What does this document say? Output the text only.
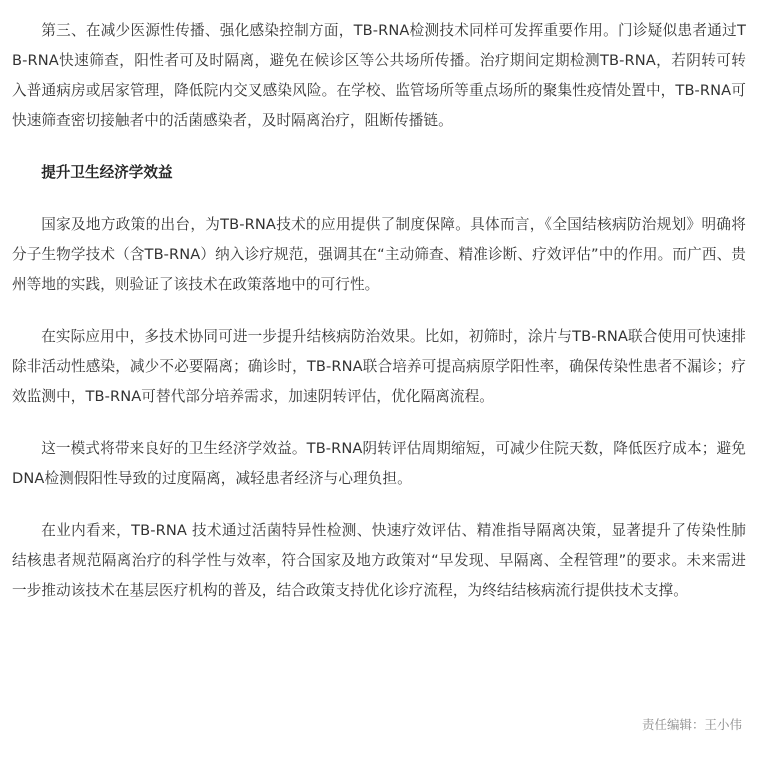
第三、在减少医源性传播、强化感染控制方面，TB-RNA检测技术同样可发挥重要作用。门诊疑似患者通过TB-RNA快速筛查，阳性者可及时隔离，避免在候诊区等公共场所传播。治疗期间定期检测TB-RNA，若阴转可转入普通病房或居家管理，降低院内交叉感染风险。在学校、监管场所等重点场所的聚集性疫情处置中，TB-RNA可快速筛查密切接触者中的活菌感染者，及时隔离治疗，阻断传播链。

提升卫生经济学效益

国家及地方政策的出台，为TB-RNA技术的应用提供了制度保障。具体而言，《全国结核病防治规划》明确将分子生物学技术（含TB-RNA）纳入诊疗规范，强调其在“主动筛查、精准诊断、疗效评估”中的作用。而广西、贵州等地的实践，则验证了该技术在政策落地中的可行性。

在实际应用中，多技术协同可进一步提升结核病防治效果。比如，初筛时，涂片与TB-RNA联合使用可快速排除非活动性感染，减少不必要隔离；确诊时，TB-RNA联合培养可提高病原学阳性率，确保传染性患者不漏诊；疗效监测中，TB-RNA可替代部分培养需求，加速阴转评估，优化隔离流程。

这一模式将带来良好的卫生经济学效益。TB-RNA阴转评估周期缩短，可减少住院天数，降低医疗成本；避免DNA检测假阳性导致的过度隔离，减轻患者经济与心理负担。

在业内看来，TB-RNA 技术通过活菌特异性检测、快速疗效评估、精准指导隔离决策，显著提升了传染性肺结核患者规范隔离治疗的科学性与效率，符合国家及地方政策对“早发现、早隔离、全程管理”的要求。未来需进一步推动该技术在基层医疗机构的普及，结合政策支持优化诊疗流程，为终结结核病流行提供技术支撑。

责任编辑：王小伟
